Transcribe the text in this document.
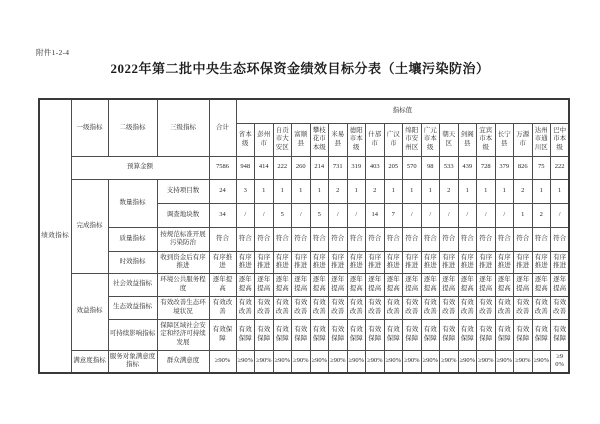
附件1-2-4
2022年第二批中央生态环保资金绩效目标分表（土壤污染防治）
绩效指标	一级指标	二级指标	三级指标	合计	指标值																	
					省本级	彭州市	自贡市大安区	富顺县	攀枝花市本级	米易县	德阳市本级	什邡市	广汉市	绵阳市安州区	广元市本级	朝天区	剑阁县	宜宾市本级	长宁县	万源市	达州市通川区	巴中市本级
	预算金额			7586	948	414	222	260	214	731	319	403	205	570	98	533	439	728	379	826	75	222
	完成指标	数量指标	支持项目数	24	3	1	1	1	1	2	1	2	1	1	1	2	1	1	1	2	1	1
			调查地块数	34	/	/	5	/	5	/	/	14	7	/	/	/	/	/	/	1	2	/
		质量指标	按规范标准开展污染防治	符合	符合	符合	符合	符合	符合	符合	符合	符合	符合	符合	符合	符合	符合	符合	符合	符合	符合	符合
		时效指标	收到资金后有序推进	有序推进	有序推进	有序推进	有序推进	有序推进	有序推进	有序推进	有序推进	有序推进	有序推进	有序推进	有序推进	有序推进	有序推进	有序推进	有序推进	有序推进	有序推进	有序推进
	效益指标	社会效益指标	环境公共服务程度	逐年提高	逐年提高	逐年提高	逐年提高	逐年提高	逐年提高	逐年提高	逐年提高	逐年提高	逐年提高	逐年提高	逐年提高	逐年提高	逐年提高	逐年提高	逐年提高	逐年提高	逐年提高	逐年提高
		生态效益指标	有效改善生态环境状况	有效改善	有效改善	有效改善	有效改善	有效改善	有效改善	有效改善	有效改善	有效改善	有效改善	有效改善	有效改善	有效改善	有效改善	有效改善	有效改善	有效改善	有效改善	有效改善
		可持续影响指标	保障区域社会安定和经济可持续发展	有效保障	有效保障	有效保障	有效保障	有效保障	有效保障	有效保障	有效保障	有效保障	有效保障	有效保障	有效保障	有效保障	有效保障	有效保障	有效保障	有效保障	有效保障	有效保障
	满意度指标	服务对象满意度指标	群众满意度	≥90%	≥90%	≥90%	≥90%	≥90%	≥90%	≥90%	≥90%	≥90%	≥90%	≥90%	≥90%	≥90%	≥90%	≥90%	≥90%	≥90%	≥90%	≥90%
